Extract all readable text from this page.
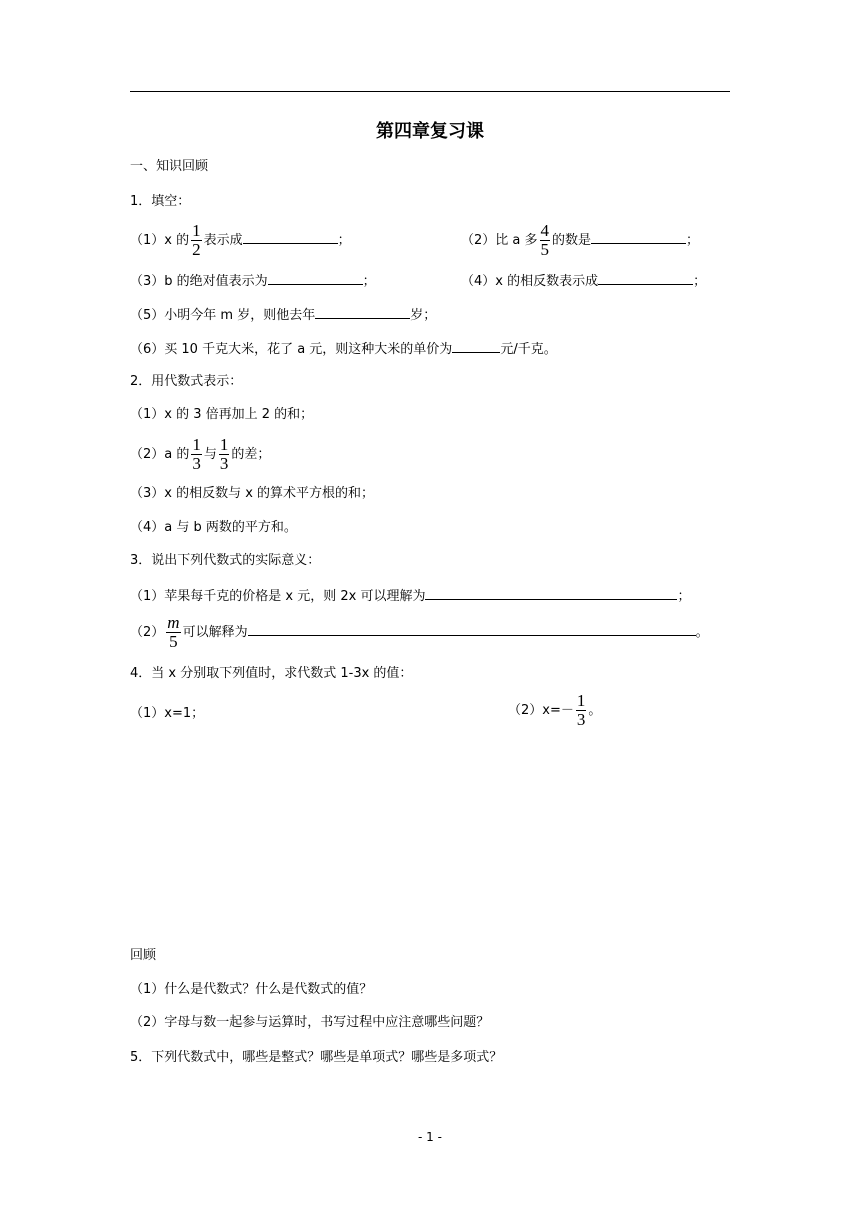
第四章复习课
一、知识回顾
1．填空：
（1）x 的 $\frac{1}{2}$ 表示成	；	（2）比 a 多 $\frac{4}{5}$ 的数是	；
（3）b 的绝对值表示为	；	（4）x 的相反数表示成	；
（5）小明今年 m 岁，则他去年	岁；
（6）买 10 千克大米，花了 a 元，则这种大米的单价为	元/千克。
2．用代数式表示：
（1）x 的 3 倍再加上 2 的和；
（2）a 的 $\frac{1}{3}$ 与 $\frac{1}{3}$ 的差；
（3）x 的相反数与 x 的算术平方根的和；
（4）a 与 b 两数的平方和。
3．说出下列代数式的实际意义：
（1）苹果每千克的价格是 x 元，则 2x 可以理解为	；
$(2) \frac{m}{5}$ 可以解释为	。
4．当 x 分别取下列值时，求代数式 1-3x 的值：
（1）x=1；	$(2)x=- \frac{1}{3}$ 。
回顾
（1）什么是代数式？什么是代数式的值？
（2）字母与数一起参与运算时，书写过程中应注意哪些问题？
5．下列代数式中，哪些是整式？哪些是单项式？哪些是多项式？
- 1 -
